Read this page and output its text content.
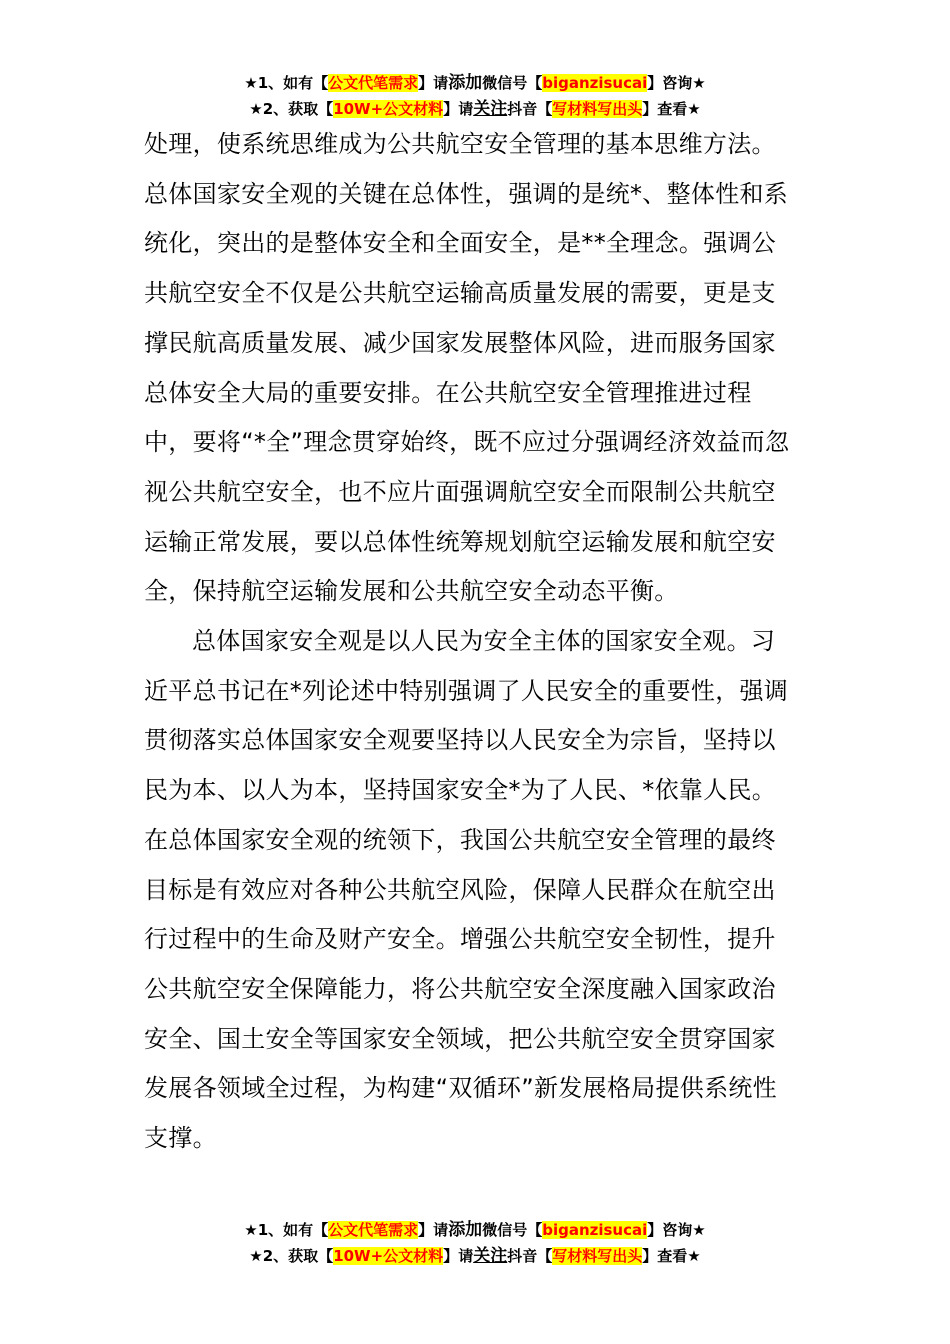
★1、如有【公文代笔需求】请添加微信号【biganzisucai】咨询★
★2、获取【10W+公文材料】请关注抖音【写材料写出头】查看★

处理，使系统思维成为公共航空安全管理的基本思维方法。总体国家安全观的关键在总体性，强调的是统*、整体性和系统化，突出的是整体安全和全面安全，是**全理念。强调公共航空安全不仅是公共航空运输高质量发展的需要，更是支撑民航高质量发展、减少国家发展整体风险，进而服务国家总体安全大局的重要安排。在公共航空安全管理推进过程中，要将“*全”理念贯穿始终，既不应过分强调经济效益而忽视公共航空安全，也不应片面强调航空安全而限制公共航空运输正常发展，要以总体性统筹规划航空运输发展和航空安全，保持航空运输发展和公共航空安全动态平衡。

总体国家安全观是以人民为安全主体的国家安全观。习近平总书记在*列论述中特别强调了人民安全的重要性，强调贯彻落实总体国家安全观要坚持以人民安全为宗旨，坚持以民为本、以人为本，坚持国家安全*为了人民、*依靠人民。在总体国家安全观的统领下，我国公共航空安全管理的最终目标是有效应对各种公共航空风险，保障人民群众在航空出行过程中的生命及财产安全。增强公共航空安全韧性，提升公共航空安全保障能力，将公共航空安全深度融入国家政治安全、国土安全等国家安全领域，把公共航空安全贯穿国家发展各领域全过程，为构建“双循环”新发展格局提供系统性支撑。

★1、如有【公文代笔需求】请添加微信号【biganzisucai】咨询★
★2、获取【10W+公文材料】请关注抖音【写材料写出头】查看★
